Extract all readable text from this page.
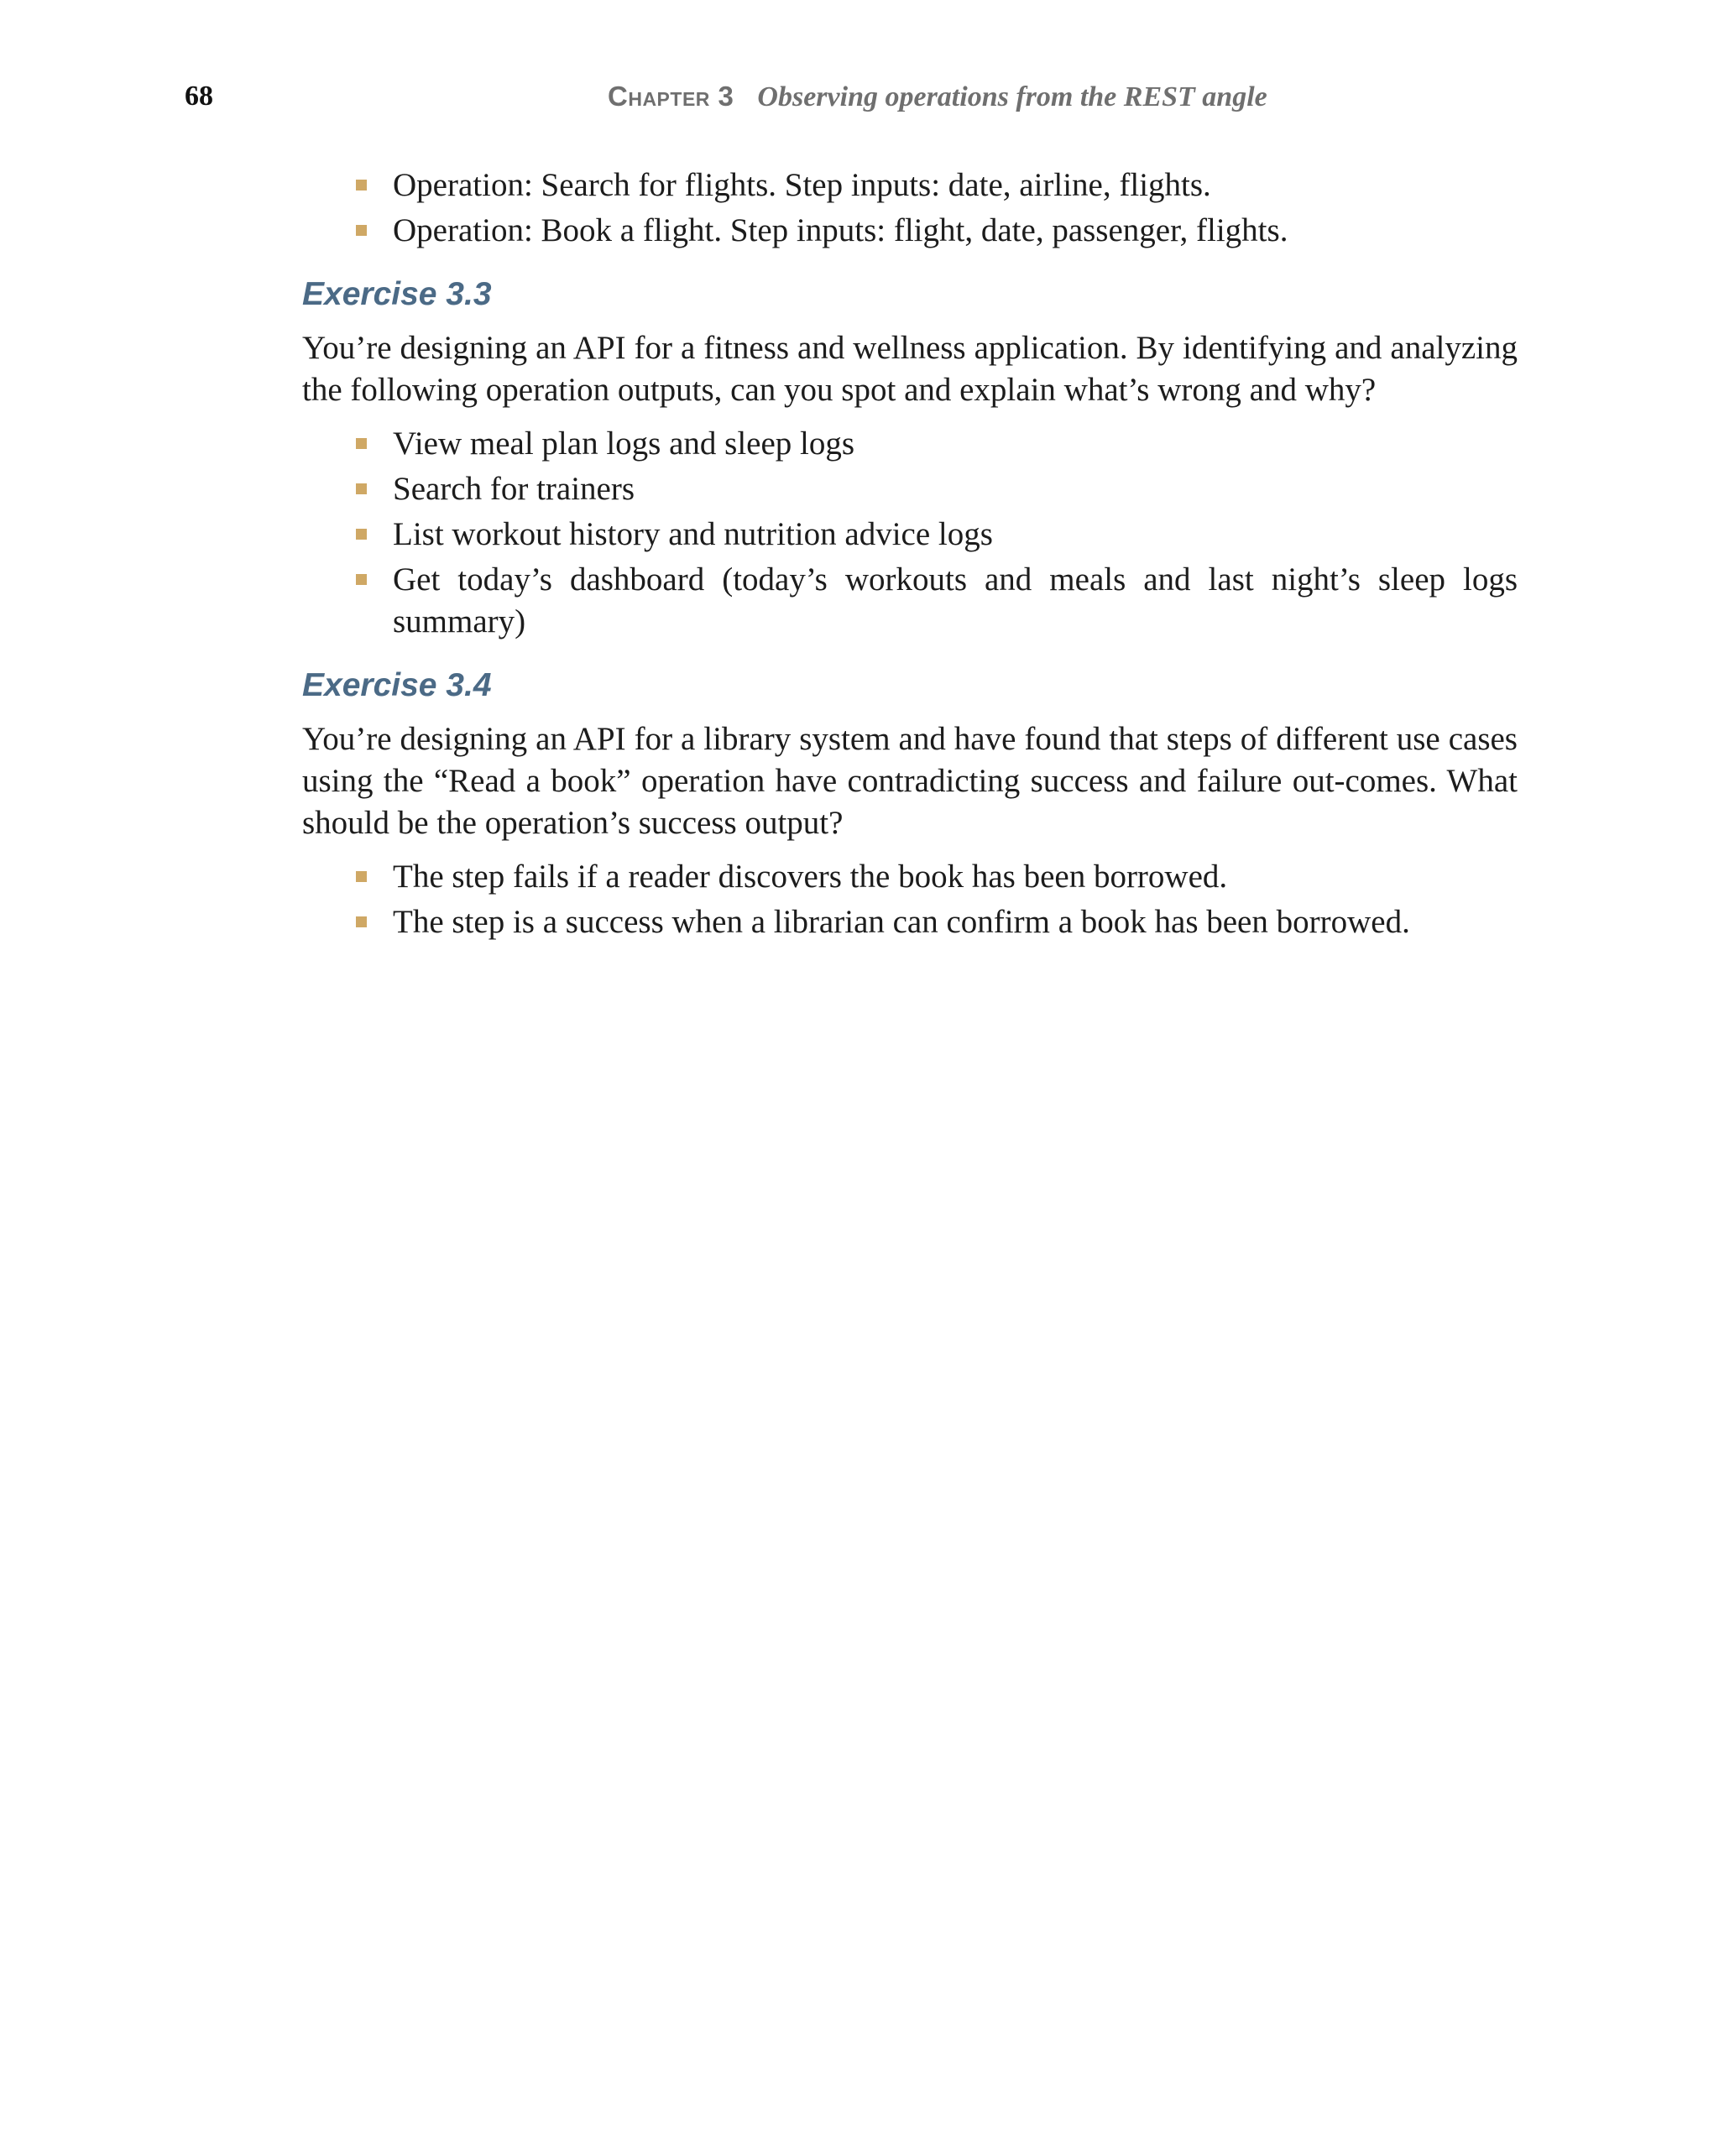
68	Chapter 3 Observing operations from the REST angle
Operation: Search for flights. Step inputs: date, airline, flights.
Operation: Book a flight. Step inputs: flight, date, passenger, flights.
Exercise 3.3

You’re designing an API for a fitness and wellness application. By identifying and analyzing the following operation outputs, can you spot and explain what’s wrong and why?

View meal plan logs and sleep logs
Search for trainers
List workout history and nutrition advice logs
Get today’s dashboard (today’s workouts and meals and last night’s sleep logs summary)
Exercise 3.4

You’re designing an API for a library system and have found that steps of different use cases using the “Read a book” operation have contradicting success and failure out-comes. What should be the operation’s success output?

The step fails if a reader discovers the book has been borrowed.
The step is a success when a librarian can confirm a book has been borrowed.
